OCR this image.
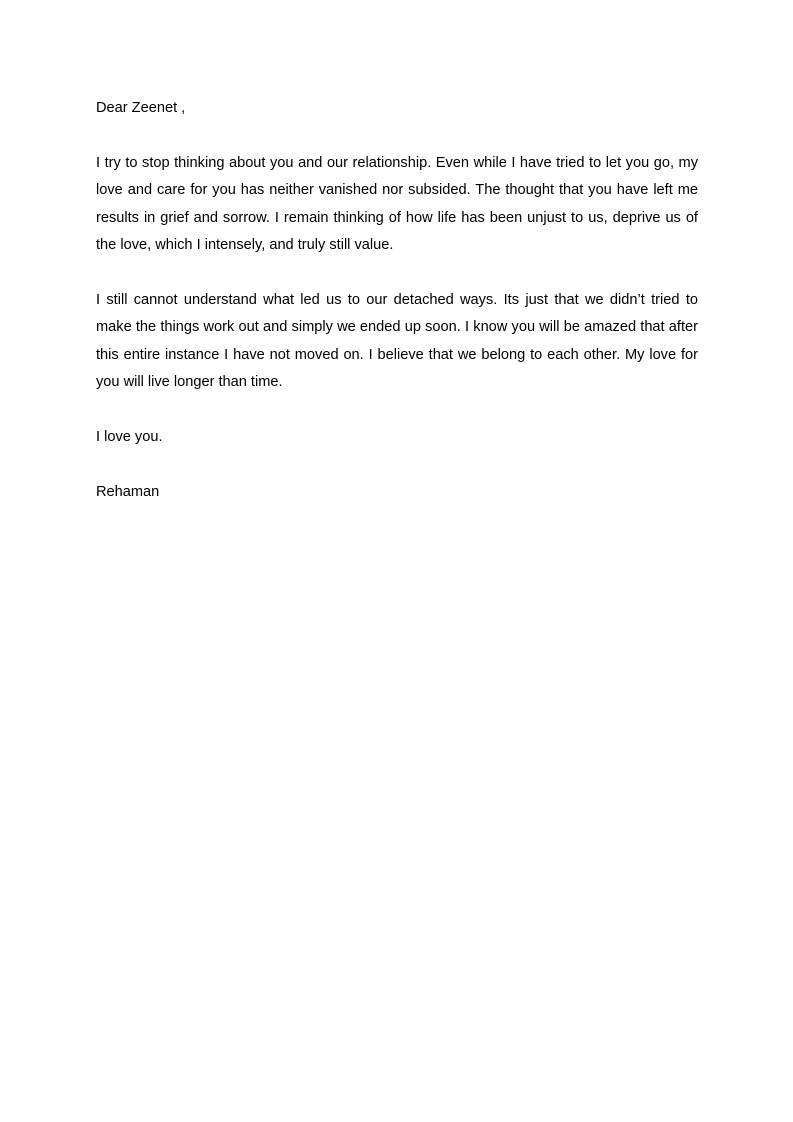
Dear Zeenet ,

I try to stop thinking about you and our relationship. Even while I have tried to let you go, my love and care for you has neither vanished nor subsided. The thought that you have left me results in grief and sorrow. I remain thinking of how life has been unjust to us, deprive us of the love, which I intensely, and truly still value.

I still cannot understand what led us to our detached ways. Its just that we didn’t tried to make the things work out and simply we ended up soon. I know you will be amazed that after this entire instance I have not moved on. I believe that we belong to each other. My love for you will live longer than time.

I love you.

Rehaman
